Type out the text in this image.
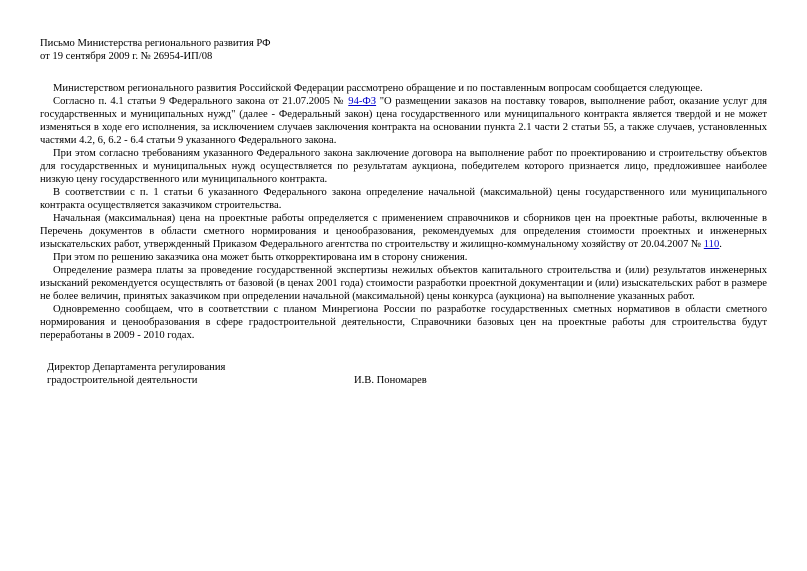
Письмо Министерства регионального развития РФ
от 19 сентября 2009 г. № 26954-ИП/08

Министерством регионального развития Российской Федерации рассмотрено обращение и по поставленным вопросам сообщается следующее.

Согласно п. 4.1 статьи 9 Федерального закона от 21.07.2005 № 94-ФЗ "О размещении заказов на поставку товаров, выполнение работ, оказание услуг для государственных и муниципальных нужд" (далее - Федеральный закон) цена государственного или муниципального контракта является твердой и не может изменяться в ходе его исполнения, за исключением случаев заключения контракта на основании пункта 2.1 части 2 статьи 55, а также случаев, установленных частями 4.2, 6, 6.2 - 6.4 статьи 9 указанного Федерального закона.

При этом согласно требованиям указанного Федерального закона заключение договора на выполнение работ по проектированию и строительству объектов для государственных и муниципальных нужд осуществляется по результатам аукциона, победителем которого признается лицо, предложившее наиболее низкую цену государственного или муниципального контракта.

В соответствии с п. 1 статьи 6 указанного Федерального закона определение начальной (максимальной) цены государственного или муниципального контракта осуществляется заказчиком строительства.

Начальная (максимальная) цена на проектные работы определяется с применением справочников и сборников цен на проектные работы, включенные в Перечень документов в области сметного нормирования и ценообразования, рекомендуемых для определения стоимости проектных и инженерных изыскательских работ, утвержденный Приказом Федерального агентства по строительству и жилищно-коммунальному хозяйству от 20.04.2007 № 110.

При этом по решению заказчика она может быть откорректирована им в сторону снижения.

Определение размера платы за проведение государственной экспертизы нежилых объектов капитального строительства и (или) результатов инженерных изысканий рекомендуется осуществлять от базовой (в ценах 2001 года) стоимости разработки проектной документации и (или) изыскательских работ в размере не более величин, принятых заказчиком при определении начальной (максимальной) цены конкурса (аукциона) на выполнение указанных работ.

Одновременно сообщаем, что в соответствии с планом Минрегиона России по разработке государственных сметных нормативов в области сметного нормирования и ценообразования в сфере градостроительной деятельности, Справочники базовых цен на проектные работы для строительства будут переработаны в 2009 - 2010 годах.

Директор Департамента регулирования
градостроительной деятельности	И.В. Пономарев
